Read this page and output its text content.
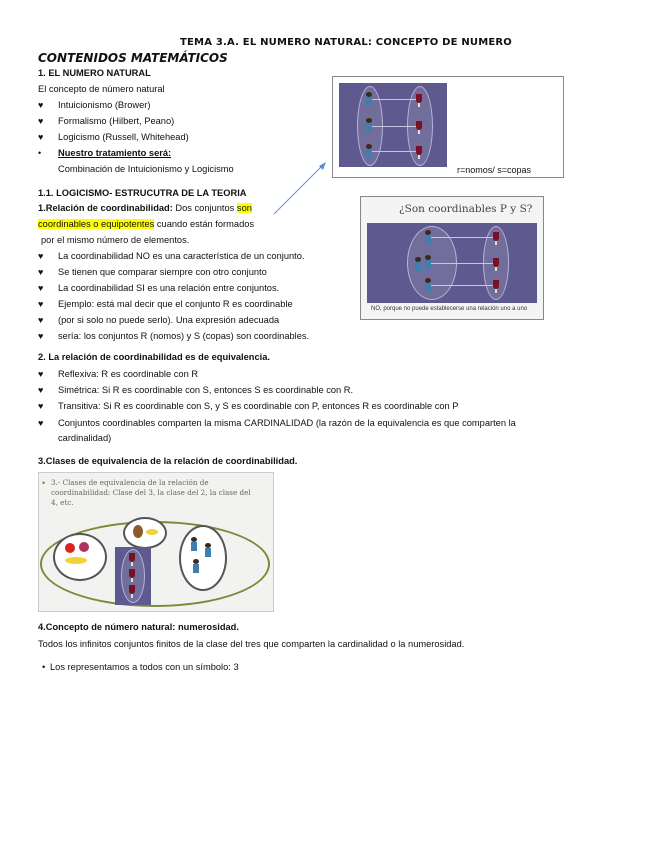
TEMA 3.A. EL NUMERO NATURAL: CONCEPTO DE NUMERO
CONTENIDOS MATEMÁTICOS
1. EL NUMERO NATURAL
El concepto de número natural
♥ Intuicionismo (Brower)
♥ Formalismo (Hilbert, Peano)
♥ Logicismo (Russell, Whitehead)
• Nuestro tratamiento será:
Combinación de Intuicionismo y Logicismo	r=nomos/ s=copas
1.1. LOGICISMO- ESTRUCUTRA DE LA TEORIA
1.Relación de coordinabilidad: Dos conjuntos son
coordinables o equipotentes cuando están formados
por el mismo número de elementos.
♥ La coordinabilidad NO es una característica de un conjunto.
♥ Se tienen que comparar siempre con otro conjunto
♥ La coordinabilidad SI es una relación entre conjuntos.
♥ Ejemplo: está mal decir que el conjunto R es coordinable
♥ (por si solo no puede serlo). Una expresión adecuada
♥ sería: los conjuntos R (nomos) y S (copas) son coordinables.
¿Son coordinables P y S?
NO, porque no puede establecerse una relación uno a uno
2. La relación de coordinabilidad es de equivalencia.
♥ Reflexiva: R es coordinable con R
♥ Simétrica: Si R es coordinable con S, entonces S es coordinable con R.
♥ Transitiva: Si R es coordinable con S, y S es coordinable con P, entonces R es coordinable con P
♥ Conjuntos coordinables comparten la misma CARDINALIDAD (la razón de la equivalencia es que comparten la
cardinalidad)
3.Clases de equivalencia de la relación de coordinabilidad.
• 3.- Clases de equivalencia de la relación de
coordinabilidad: Clase del 3, la clase del 2, la clase del
4, etc.
4.Concepto de número natural: numerosidad.
Todos los infinitos conjuntos finitos de la clase del tres que comparten la cardinalidad o la numerosidad.
• Los representamos a todos con un símbolo: 3
